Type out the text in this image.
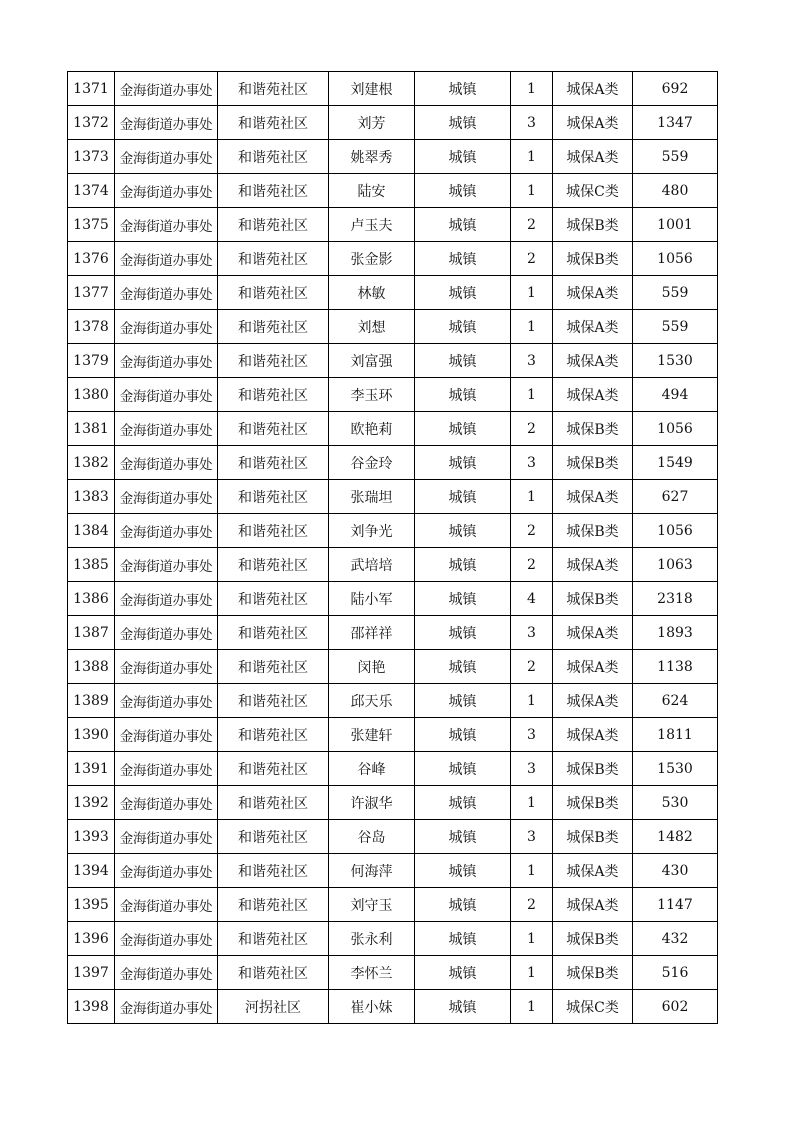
1371	金海街道办事处	和谐苑社区	刘建根	城镇	1	城保A类	692
1372	金海街道办事处	和谐苑社区	刘芳	城镇	3	城保A类	1347
1373	金海街道办事处	和谐苑社区	姚翠秀	城镇	1	城保A类	559
1374	金海街道办事处	和谐苑社区	陆安	城镇	1	城保C类	480
1375	金海街道办事处	和谐苑社区	卢玉夫	城镇	2	城保B类	1001
1376	金海街道办事处	和谐苑社区	张金影	城镇	2	城保B类	1056
1377	金海街道办事处	和谐苑社区	林敏	城镇	1	城保A类	559
1378	金海街道办事处	和谐苑社区	刘想	城镇	1	城保A类	559
1379	金海街道办事处	和谐苑社区	刘富强	城镇	3	城保A类	1530
1380	金海街道办事处	和谐苑社区	李玉环	城镇	1	城保A类	494
1381	金海街道办事处	和谐苑社区	欧艳莉	城镇	2	城保B类	1056
1382	金海街道办事处	和谐苑社区	谷金玲	城镇	3	城保B类	1549
1383	金海街道办事处	和谐苑社区	张瑞坦	城镇	1	城保A类	627
1384	金海街道办事处	和谐苑社区	刘争光	城镇	2	城保B类	1056
1385	金海街道办事处	和谐苑社区	武培培	城镇	2	城保A类	1063
1386	金海街道办事处	和谐苑社区	陆小军	城镇	4	城保B类	2318
1387	金海街道办事处	和谐苑社区	邵祥祥	城镇	3	城保A类	1893
1388	金海街道办事处	和谐苑社区	闵艳	城镇	2	城保A类	1138
1389	金海街道办事处	和谐苑社区	邱天乐	城镇	1	城保A类	624
1390	金海街道办事处	和谐苑社区	张建轩	城镇	3	城保A类	1811
1391	金海街道办事处	和谐苑社区	谷峰	城镇	3	城保B类	1530
1392	金海街道办事处	和谐苑社区	许淑华	城镇	1	城保B类	530
1393	金海街道办事处	和谐苑社区	谷岛	城镇	3	城保B类	1482
1394	金海街道办事处	和谐苑社区	何海萍	城镇	1	城保A类	430
1395	金海街道办事处	和谐苑社区	刘守玉	城镇	2	城保A类	1147
1396	金海街道办事处	和谐苑社区	张永利	城镇	1	城保B类	432
1397	金海街道办事处	和谐苑社区	李怀兰	城镇	1	城保B类	516
1398	金海街道办事处	河拐社区	崔小妹	城镇	1	城保C类	602
